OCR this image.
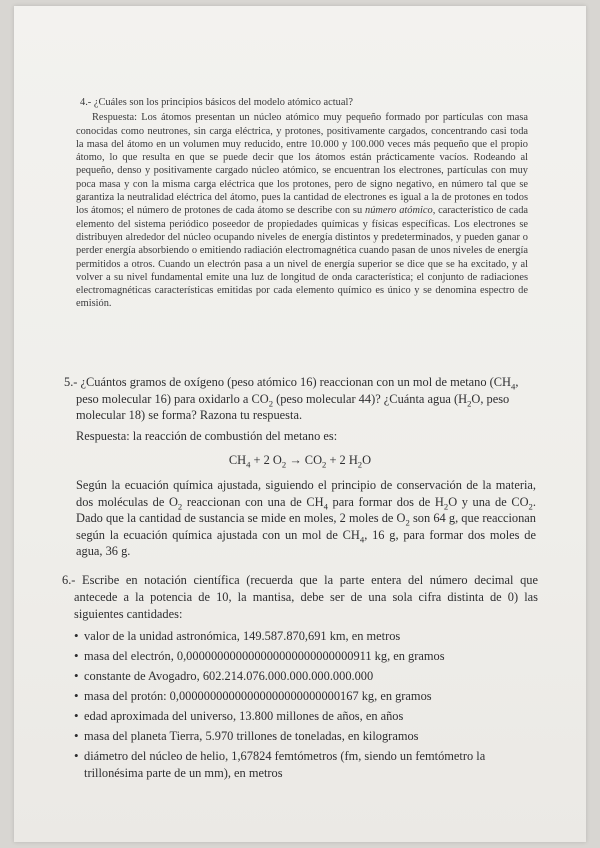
4.- ¿Cuáles son los principios básicos del modelo atómico actual?

Respuesta: Los átomos presentan un núcleo atómico muy pequeño formado por partículas con masa conocidas como neutrones, sin carga eléctrica, y protones, positivamente cargados, concentrando casi toda la masa del átomo en un volumen muy reducido, entre 10.000 y 100.000 veces más pequeño que el propio átomo, lo que resulta en que se puede decir que los átomos están prácticamente vacíos. Rodeando al pequeño, denso y positivamente cargado núcleo atómico, se encuentran los electrones, partículas con muy poca masa y con la misma carga eléctrica que los protones, pero de signo negativo, en número tal que se garantiza la neutralidad eléctrica del átomo, pues la cantidad de electrones es igual a la de protones en todos los átomos; el número de protones de cada átomo se describe con su número atómico, característico de cada elemento del sistema periódico poseedor de propiedades químicas y físicas específicas. Los electrones se distribuyen alrededor del núcleo ocupando niveles de energía distintos y predeterminados, y pueden ganar o perder energía absorbiendo o emitiendo radiación electromagnética cuando pasan de unos niveles de energía permitidos a otros. Cuando un electrón pasa a un nivel de energía superior se dice que se ha excitado, y al volver a su nivel fundamental emite una luz de longitud de onda característica; el conjunto de radiaciones electromagnéticas características emitidas por cada elemento químico es único y se denomina espectro de emisión.

5.- ¿Cuántos gramos de oxígeno (peso atómico 16) reaccionan con un mol de metano ($CH_4$, peso molecular 16) para oxidarlo a $CO_2$ (peso molecular 44)? ¿Cuánta agua ($H_2O$, peso molecular 18) se forma? Razona tu respuesta.

Respuesta: la reacción de combustión del metano es:
$CH_4 + 2$ $O_2 \to CO_2 + 2$ $H_2O$

Según la ecuación química ajustada, siguiendo el principio de conservación de la materia, dos moléculas de $O_2$ reaccionan con una de $CH_4$ para formar dos de $H_2O$ y una de $CO_2$. Dado que la cantidad de sustancia se mide en moles, 2 moles de $O_2$ son 64 g, que reaccionan según la ecuación química ajustada con un mol de $CH_4$, 16 g, para formar dos moles de agua, 36 g.

6.- Escribe en notación científica (recuerda que la parte entera del número decimal que antecede a la potencia de 10, la mantisa, debe ser de una sola cifra distinta de 0) las siguientes cantidades:

• valor de la unidad astronómica, 149.587.870,691 km, en metros
• masa del electrón, 0,000000000000000000000000000911 kg, en gramos
• constante de Avogadro, 602.214.076.000.000.000.000.000
• masa del protón: 0,00000000000000000000000000167 kg, en gramos
• edad aproximada del universo, 13.800 millones de años, en años
• masa del planeta Tierra, 5.970 trillones de toneladas, en kilogramos
• diámetro del núcleo de helio, 1,67824 femtómetros (fm, siendo un femtómetro la trillonésima parte de un mm), en metros
